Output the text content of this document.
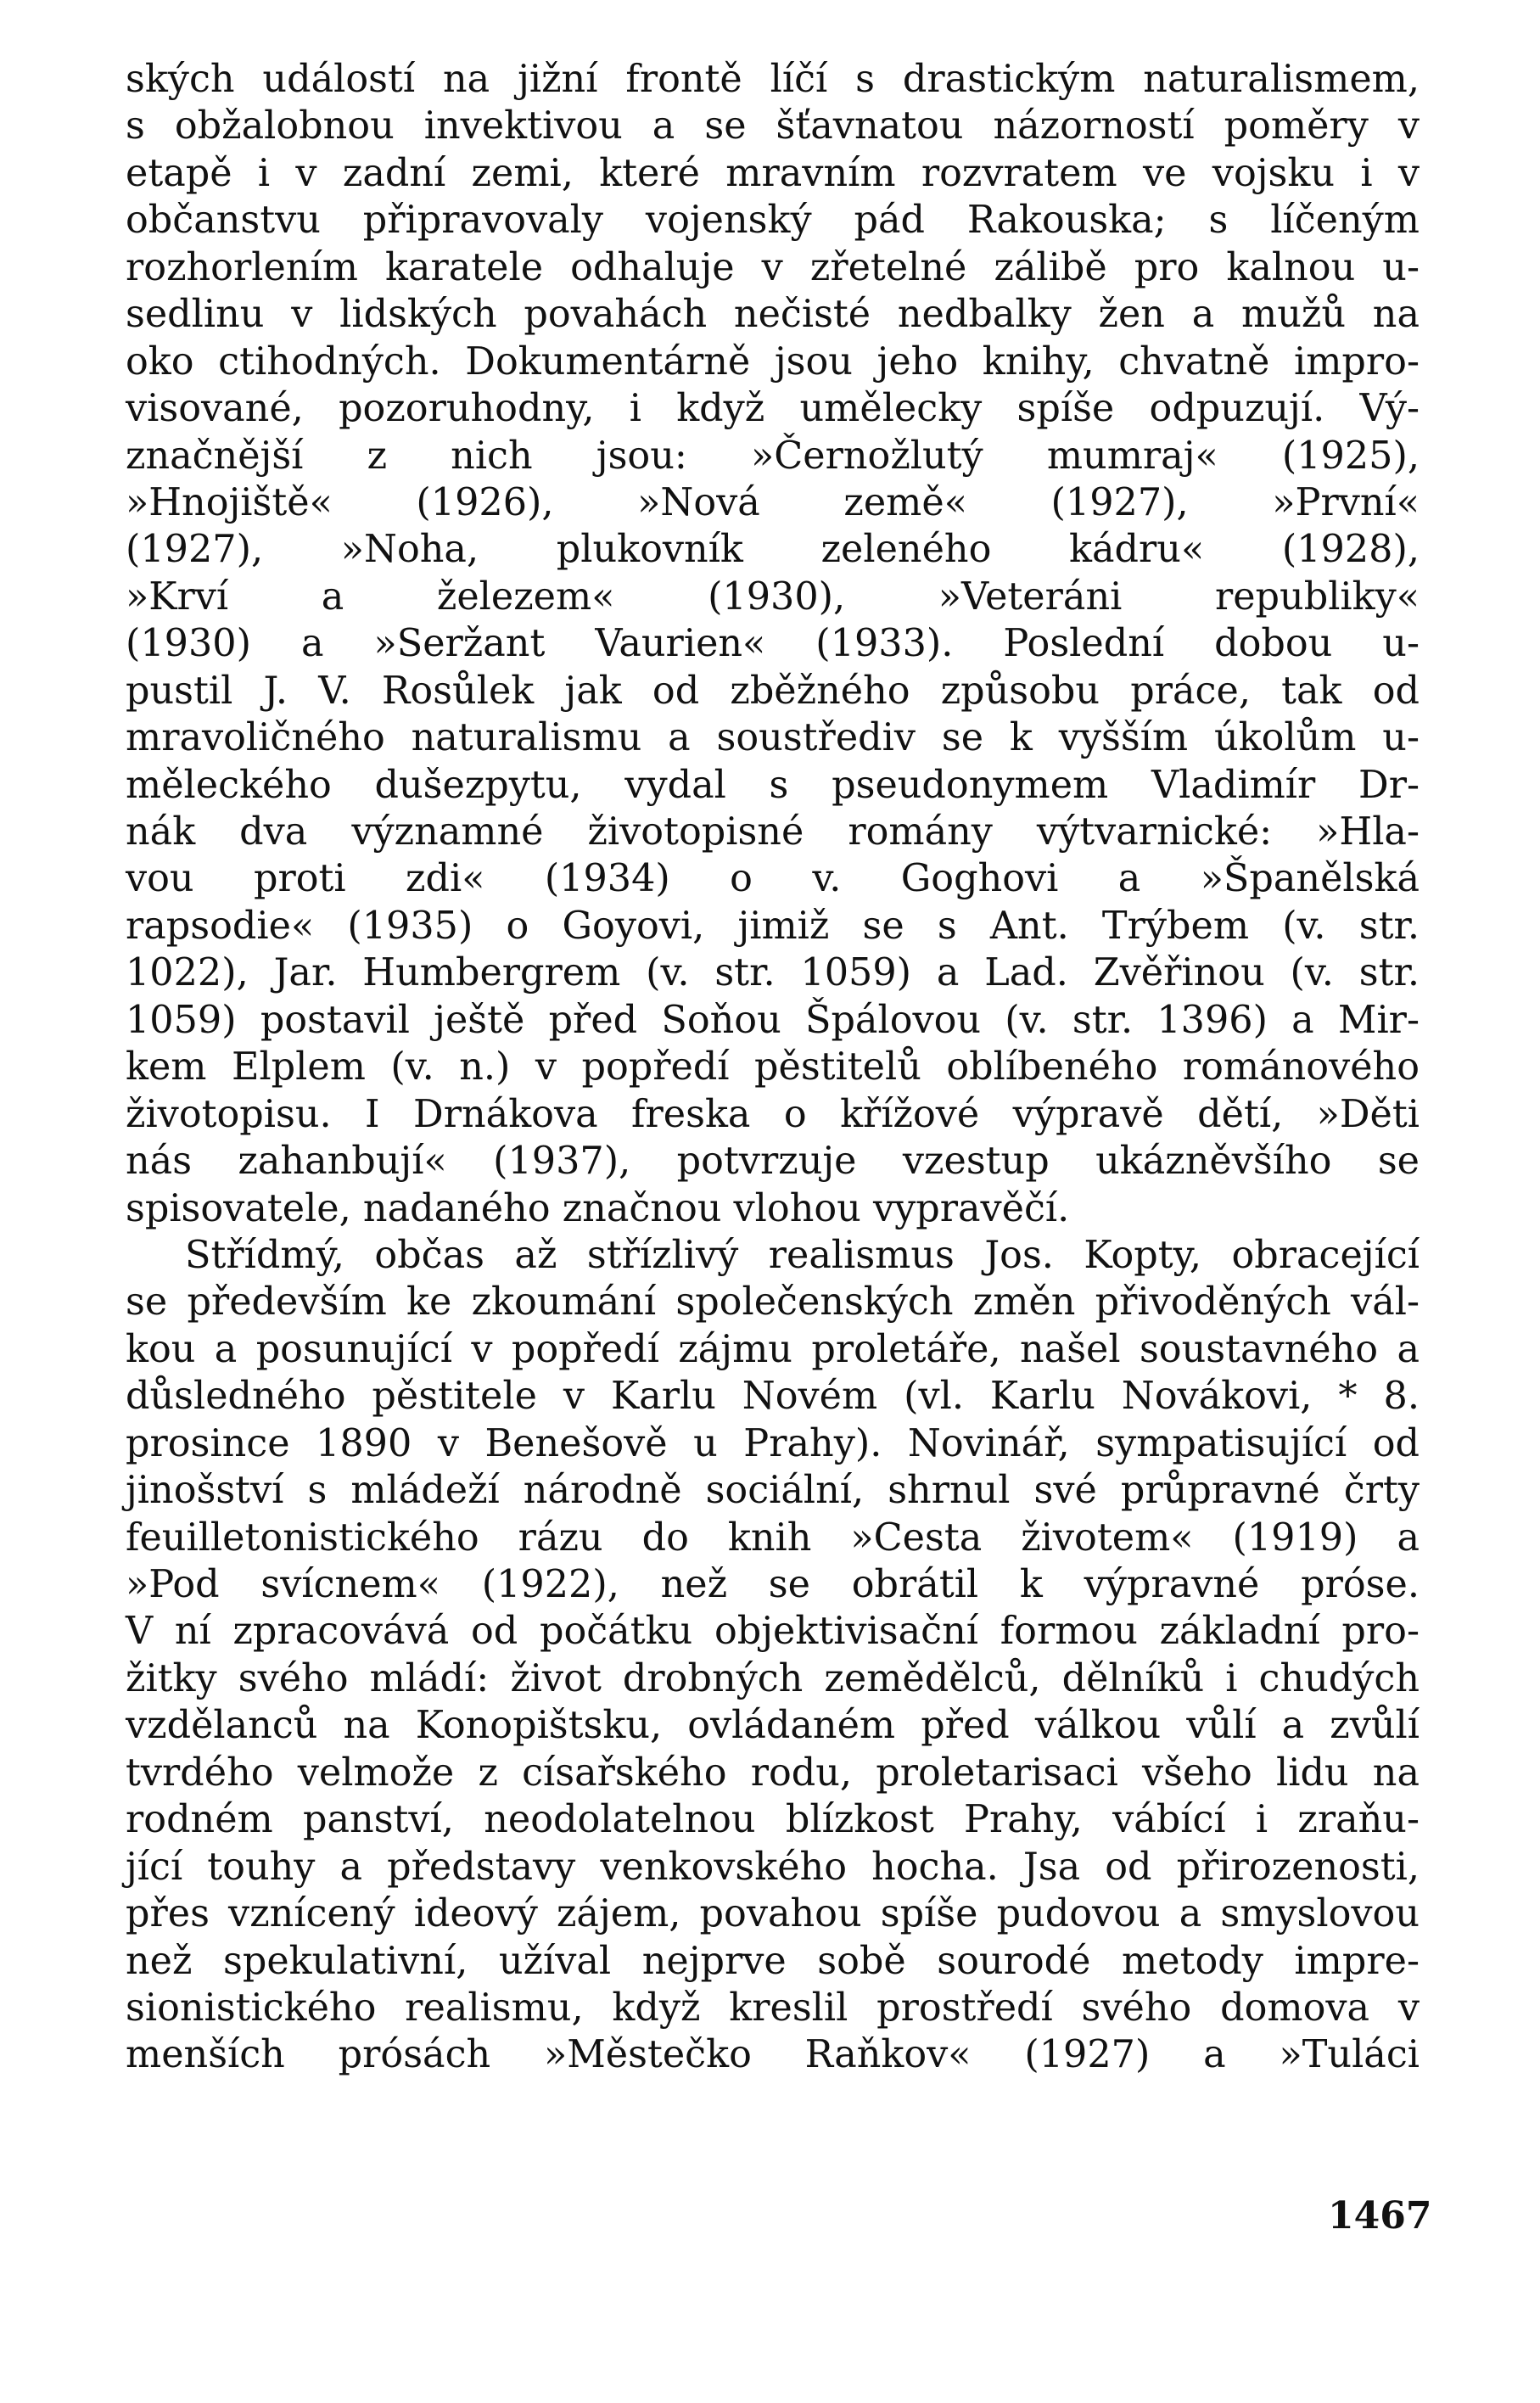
ských událostí na jižní frontě líčí s drastickým naturalismem,
s obžalobnou invektivou a se šťavnatou názorností poměry v
etapě i v zadní zemi, které mravním rozvratem ve vojsku i v
občanstvu připravovaly vojenský pád Rakouska; s líčeným
rozhorlením karatele odhaluje v zřetelné zálibě pro kalnou u-
sedlinu v lidských povahách nečisté nedbalky žen a mužů na
oko ctihodných. Dokumentárně jsou jeho knihy, chvatně impro-
visované, pozoruhodny, i když umělecky spíše odpuzují. Vý-
značnější z nich jsou: »Černožlutý mumraj« (1925),
»Hnojiště« (1926), »Nová země« (1927), »První«
(1927), »Noha, plukovník zeleného kádru« (1928),
»Krví a železem« (1930), »Veteráni republiky«
(1930) a »Seržant Vaurien« (1933). Poslední dobou u-
pustil J. V. Rosůlek jak od zběžného způsobu práce, tak od
mravoličného naturalismu a soustřediv se k vyšším úkolům u-
měleckého dušezpytu, vydal s pseudonymem Vladimír Dr-
nák dva významné životopisné romány výtvarnické: »Hla-
vou proti zdi« (1934) o v. Goghovi a »Španělská
rapsodie« (1935) o Goyovi, jimiž se s Ant. Trýbem (v. str.
1022), Jar. Humbergrem (v. str. 1059) a Lad. Zvěřinou (v. str.
1059) postavil ještě před Soňou Špálovou (v. str. 1396) a Mir-
kem Elplem (v. n.) v popředí pěstitelů oblíbeného románového
životopisu. I Drnákova freska o křížové výpravě dětí, »Děti
nás zahanbují« (1937), potvrzuje vzestup ukázněvšího se
spisovatele, nadaného značnou vlohou vypravěčí.
Střídmý, občas až střízlivý realismus Jos. Kopty, obracející
se především ke zkoumání společenských změn přivoděných vál-
kou a posunující v popředí zájmu proletáře, našel soustavného a
důsledného pěstitele v Karlu Novém (vl. Karlu Novákovi, * 8.
prosince 1890 v Benešově u Prahy). Novinář, sympatisující od
jinošství s mládeží národně sociální, shrnul své průpravné črty
feuilletonistického rázu do knih »Cesta životem« (1919) a
»Pod svícnem« (1922), než se obrátil k výpravné próse.
V ní zpracovává od počátku objektivisační formou základní pro-
žitky svého mládí: život drobných zemědělců, dělníků i chudých
vzdělanců na Konopištsku, ovládaném před válkou vůlí a zvůlí
tvrdého velmože z císařského rodu, proletarisaci všeho lidu na
rodném panství, neodolatelnou blízkost Prahy, vábící i zraňu-
jící touhy a představy venkovského hocha. Jsa od přirozenosti,
přes vznícený ideový zájem, povahou spíše pudovou a smyslovou
než spekulativní, užíval nejprve sobě sourodé metody impre-
sionistického realismu, když kreslil prostředí svého domova v
menších prósách »Městečko Raňkov« (1927) a »Tuláci
1467
